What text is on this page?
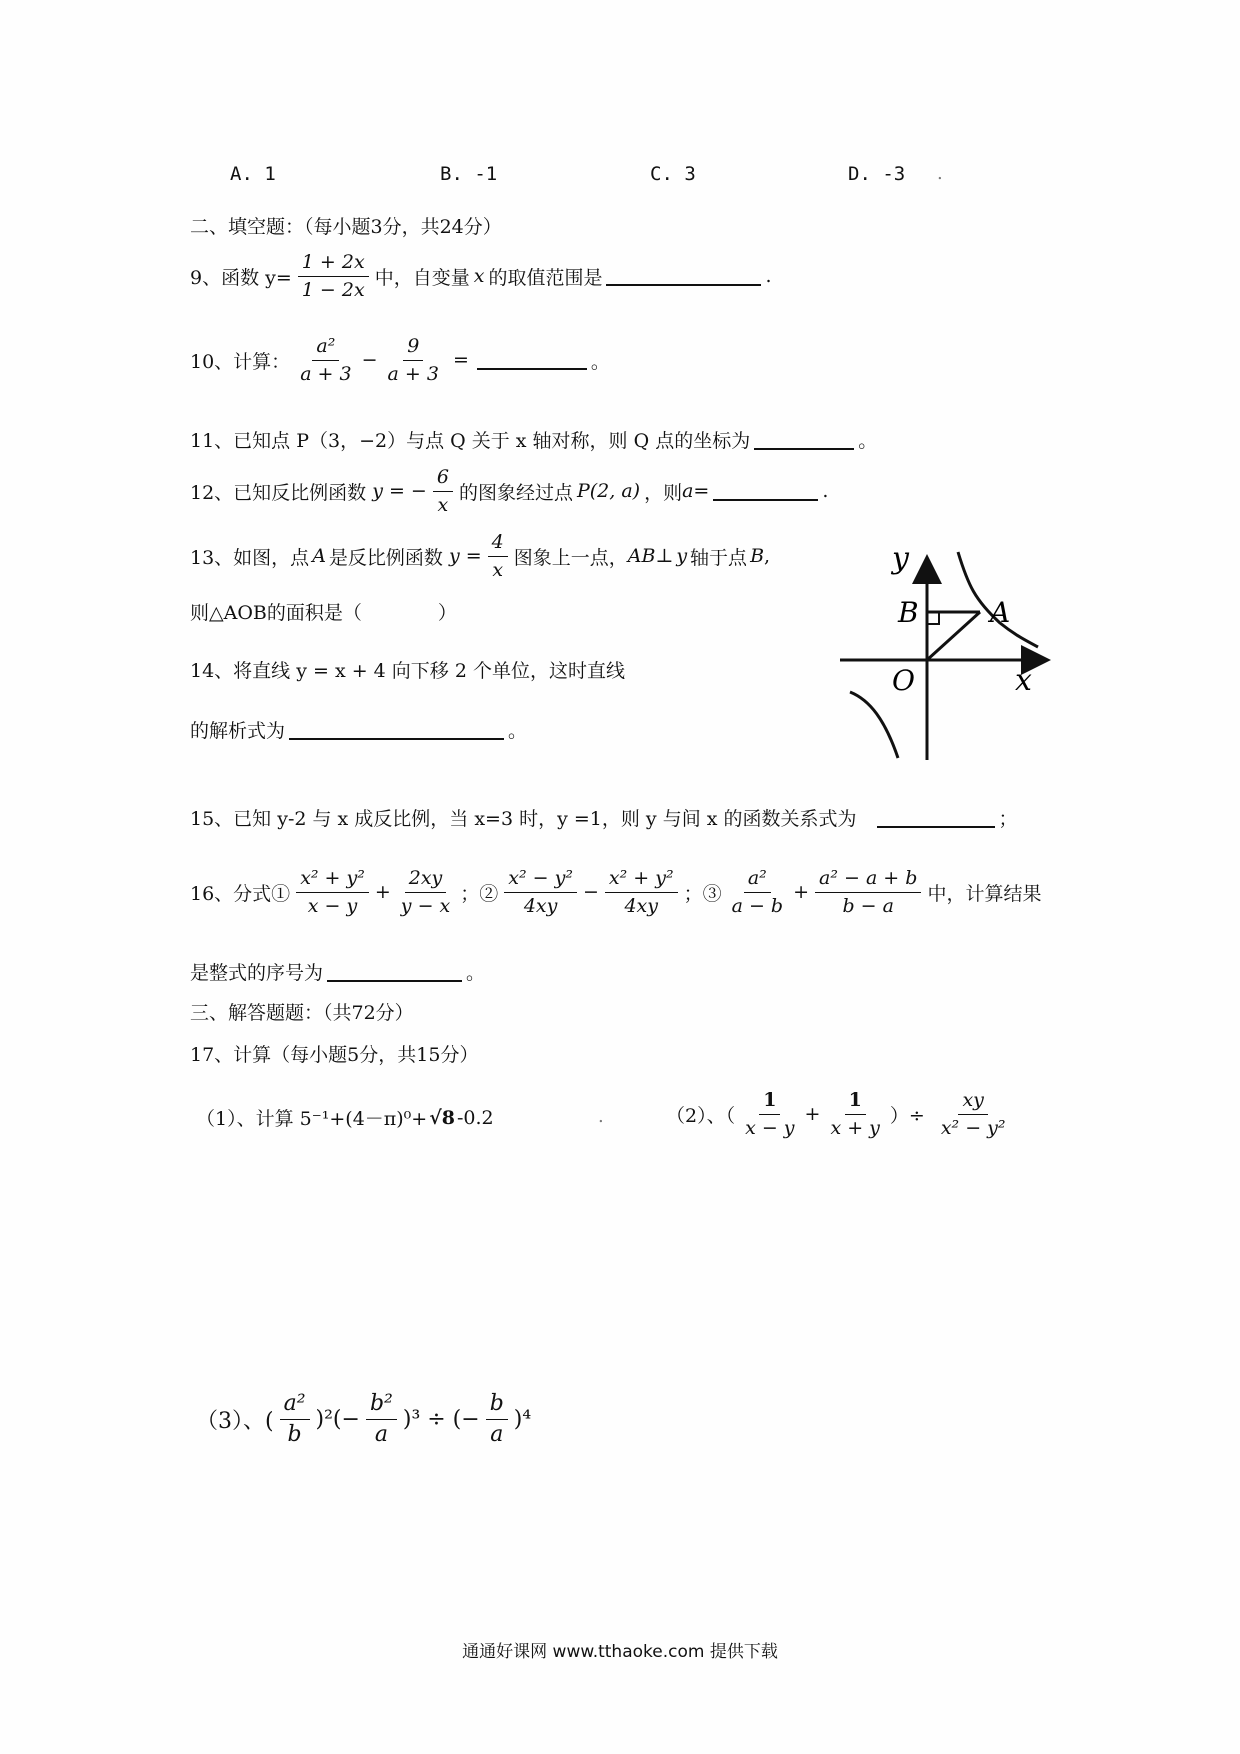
A. 1	B. -1	C. 3	D. -3 .
二、填空题：（每小题3分，共24分）
9、函数 $y= \frac{1 + 2x}{1 - 2x}$ 中，自变量 x 的取值范围是	.
10、计算： $\frac{\text{a²}}{a + 3} - \frac{9}{a + 3}$ =	。
11、已知点 P（3，−2）与点 Q 关于 x 轴对称，则 Q 点的坐标为	。
12、已知反比例函数 y = − $\frac{6}{x}$ 的图象经过点 P(2, a) ，则 a=	.
13、如图，点 A 是反比例函数 $y = \frac{4}{x}$ 图象上一点， AB ⊥ y 轴于点 B ,
则△AOB的面积是（　　　　）
14、将直线 y = x + 4 向下移 2 个单位，这时直线
的解析式为	。
y
x
O
B	A
15、已知 y-2 与 x 成反比例，当 x=3 时，y =1，则 y 与间 x 的函数关系式为	；
16、分式① $\frac{\text{x² + y²}}{x - y} + \frac{2xy}{y - x}$ ；② $\frac{\text{x² − y²}}{4xy} - \frac{\text{x² + y²}}{4xy}$ ；③ $\frac{\text{a²}}{a - b} + \frac{\text{a² − a + b}}{b - a}$ 中，计算结果
是整式的序号为	。
三、解答题题：（共72分）
17、计算（每小题5分，共15分）
（1）、计算 5⁻¹+(4－π)⁰+ √8 -0.2	.	（2）、（ $\frac{1}{x - y} + \frac{1}{x + y}$ ）÷ $\frac{xy}{\text{x² − y²}}$
（3）、( $\frac{\text{a²}}{b} )^2(- \frac{\text{b²}}{a} )^3$ ÷ (− $\frac{b}{a} )^4$
通通好课网 www.tthaoke.com 提供下载
